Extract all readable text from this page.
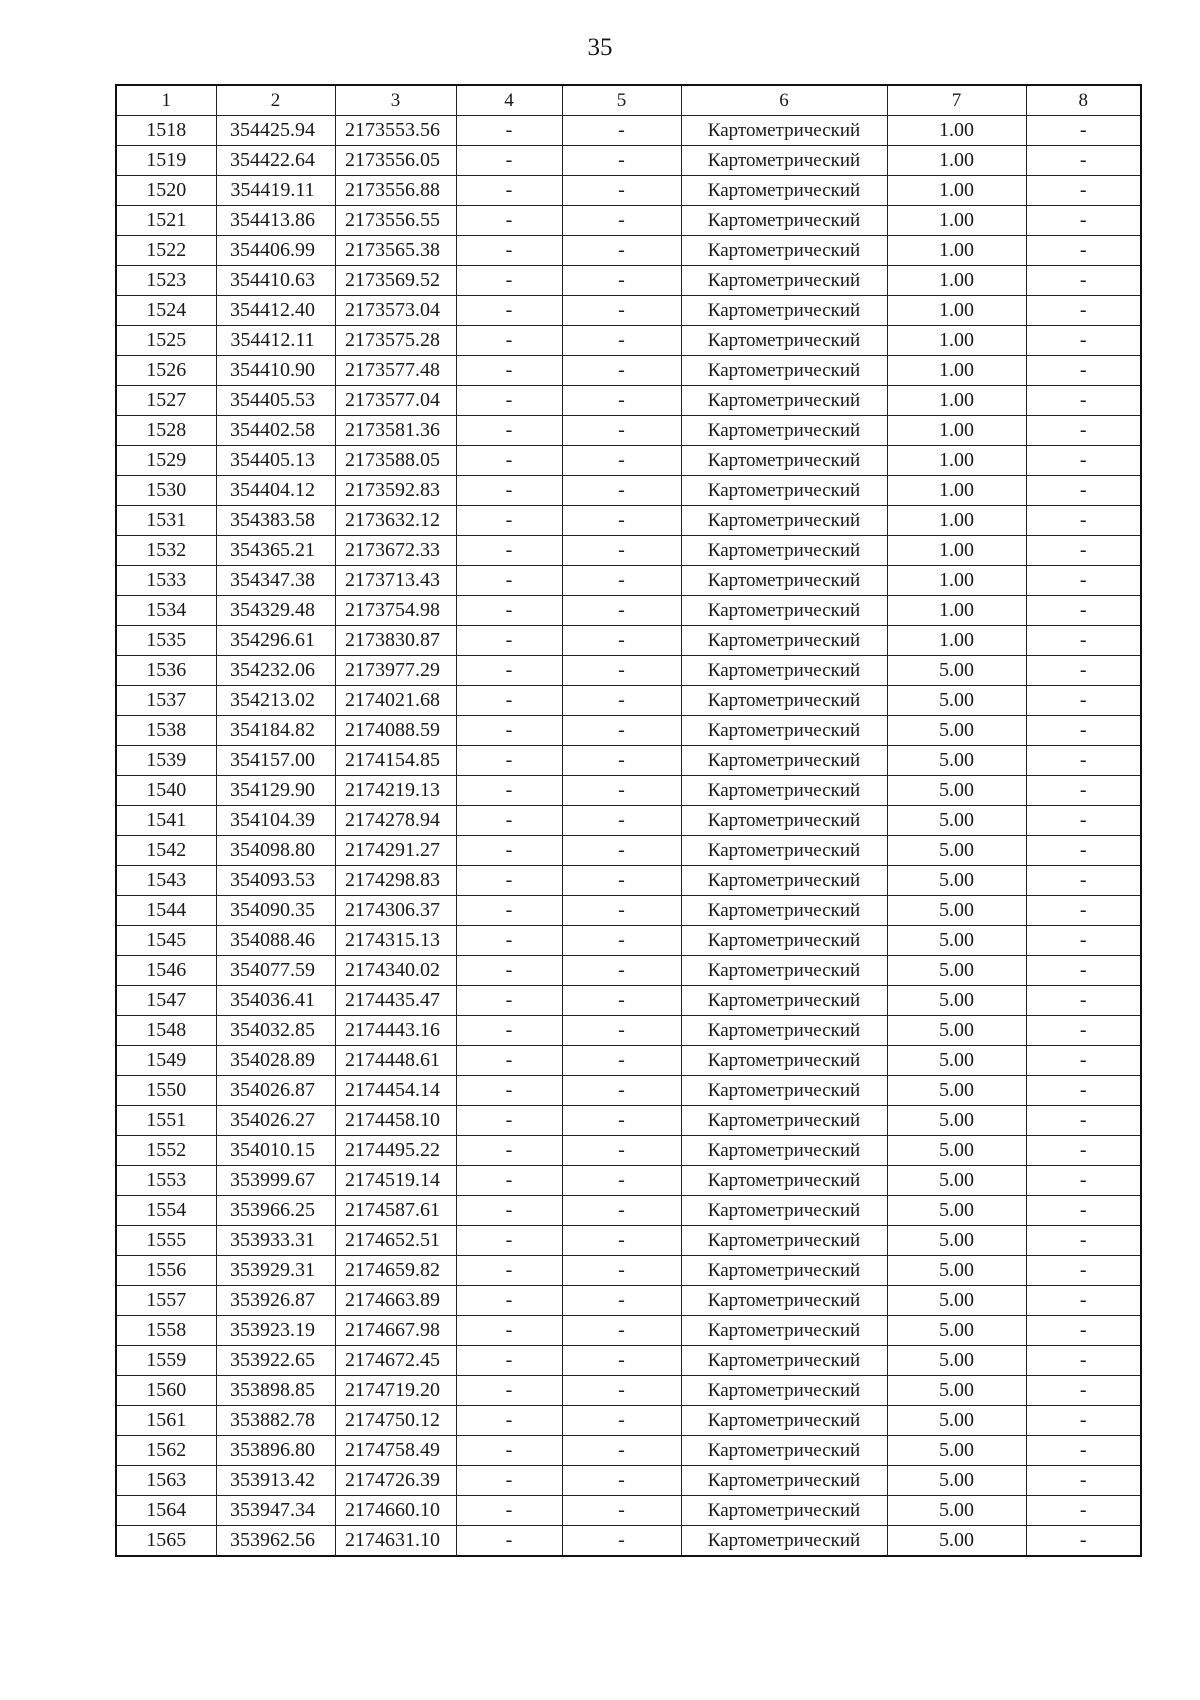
35
1	2	3	4	5	6	7	8
1518	354425.94	2173553.56	-	-	Картометрический	1.00	-
1519	354422.64	2173556.05	-	-	Картометрический	1.00	-
1520	354419.11	2173556.88	-	-	Картометрический	1.00	-
1521	354413.86	2173556.55	-	-	Картометрический	1.00	-
1522	354406.99	2173565.38	-	-	Картометрический	1.00	-
1523	354410.63	2173569.52	-	-	Картометрический	1.00	-
1524	354412.40	2173573.04	-	-	Картометрический	1.00	-
1525	354412.11	2173575.28	-	-	Картометрический	1.00	-
1526	354410.90	2173577.48	-	-	Картометрический	1.00	-
1527	354405.53	2173577.04	-	-	Картометрический	1.00	-
1528	354402.58	2173581.36	-	-	Картометрический	1.00	-
1529	354405.13	2173588.05	-	-	Картометрический	1.00	-
1530	354404.12	2173592.83	-	-	Картометрический	1.00	-
1531	354383.58	2173632.12	-	-	Картометрический	1.00	-
1532	354365.21	2173672.33	-	-	Картометрический	1.00	-
1533	354347.38	2173713.43	-	-	Картометрический	1.00	-
1534	354329.48	2173754.98	-	-	Картометрический	1.00	-
1535	354296.61	2173830.87	-	-	Картометрический	1.00	-
1536	354232.06	2173977.29	-	-	Картометрический	5.00	-
1537	354213.02	2174021.68	-	-	Картометрический	5.00	-
1538	354184.82	2174088.59	-	-	Картометрический	5.00	-
1539	354157.00	2174154.85	-	-	Картометрический	5.00	-
1540	354129.90	2174219.13	-	-	Картометрический	5.00	-
1541	354104.39	2174278.94	-	-	Картометрический	5.00	-
1542	354098.80	2174291.27	-	-	Картометрический	5.00	-
1543	354093.53	2174298.83	-	-	Картометрический	5.00	-
1544	354090.35	2174306.37	-	-	Картометрический	5.00	-
1545	354088.46	2174315.13	-	-	Картометрический	5.00	-
1546	354077.59	2174340.02	-	-	Картометрический	5.00	-
1547	354036.41	2174435.47	-	-	Картометрический	5.00	-
1548	354032.85	2174443.16	-	-	Картометрический	5.00	-
1549	354028.89	2174448.61	-	-	Картометрический	5.00	-
1550	354026.87	2174454.14	-	-	Картометрический	5.00	-
1551	354026.27	2174458.10	-	-	Картометрический	5.00	-
1552	354010.15	2174495.22	-	-	Картометрический	5.00	-
1553	353999.67	2174519.14	-	-	Картометрический	5.00	-
1554	353966.25	2174587.61	-	-	Картометрический	5.00	-
1555	353933.31	2174652.51	-	-	Картометрический	5.00	-
1556	353929.31	2174659.82	-	-	Картометрический	5.00	-
1557	353926.87	2174663.89	-	-	Картометрический	5.00	-
1558	353923.19	2174667.98	-	-	Картометрический	5.00	-
1559	353922.65	2174672.45	-	-	Картометрический	5.00	-
1560	353898.85	2174719.20	-	-	Картометрический	5.00	-
1561	353882.78	2174750.12	-	-	Картометрический	5.00	-
1562	353896.80	2174758.49	-	-	Картометрический	5.00	-
1563	353913.42	2174726.39	-	-	Картометрический	5.00	-
1564	353947.34	2174660.10	-	-	Картометрический	5.00	-
1565	353962.56	2174631.10	-	-	Картометрический	5.00	-
